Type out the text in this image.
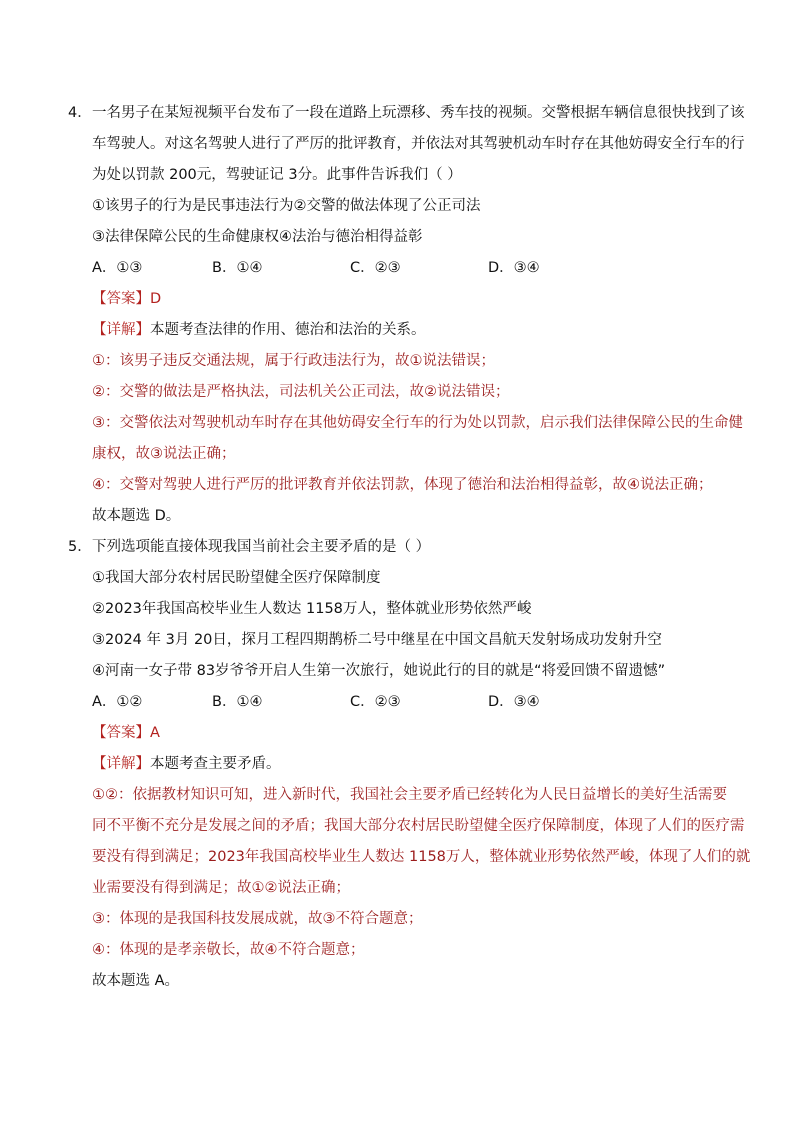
4． 一名男子在某短视频平台发布了一段在道路上玩漂移、秀车技的视频。交警根据车辆信息很快找到了该
车驾驶人。对这名驾驶人进行了严厉的批评教育，并依法对其驾驶机动车时存在其他妨碍安全行车的行
为处以罚款 200元，驾驶证记 3分。此事件告诉我们（ ）
①该男子的行为是民事违法行为②交警的做法体现了公正司法
③法律保障公民的生命健康权④法治与德治相得益彰
A．①③	B．①④	C．②③	D．③④
【答案】D
【详解】本题考查法律的作用、德治和法治的关系。
①：该男子违反交通法规，属于行政违法行为，故①说法错误；
②：交警的做法是严格执法，司法机关公正司法，故②说法错误；
③：交警依法对驾驶机动车时存在其他妨碍安全行车的行为处以罚款，启示我们法律保障公民的生命健
康权，故③说法正确；
④：交警对驾驶人进行严厉的批评教育并依法罚款，体现了德治和法治相得益彰，故④说法正确；
故本题选 D。
5． 下列选项能直接体现我国当前社会主要矛盾的是（ ）
①我国大部分农村居民盼望健全医疗保障制度
②2023年我国高校毕业生人数达 1158万人，整体就业形势依然严峻
③2024 年 3月 20日，探月工程四期鹊桥二号中继星在中国文昌航天发射场成功发射升空
④河南一女子带 83岁爷爷开启人生第一次旅行，她说此行的目的就是“将爱回馈不留遗憾”
A．①②	B．①④	C．②③	D．③④
【答案】A
【详解】本题考查主要矛盾。
①②：依据教材知识可知，进入新时代，我国社会主要矛盾已经转化为人民日益增长的美好生活需要
同不平衡不充分是发展之间的矛盾；我国大部分农村居民盼望健全医疗保障制度，体现了人们的医疗需
要没有得到满足；2023年我国高校毕业生人数达 1158万人，整体就业形势依然严峻，体现了人们的就
业需要没有得到满足；故①②说法正确；
③：体现的是我国科技发展成就，故③不符合题意；
④：体现的是孝亲敬长，故④不符合题意；
故本题选 A。
